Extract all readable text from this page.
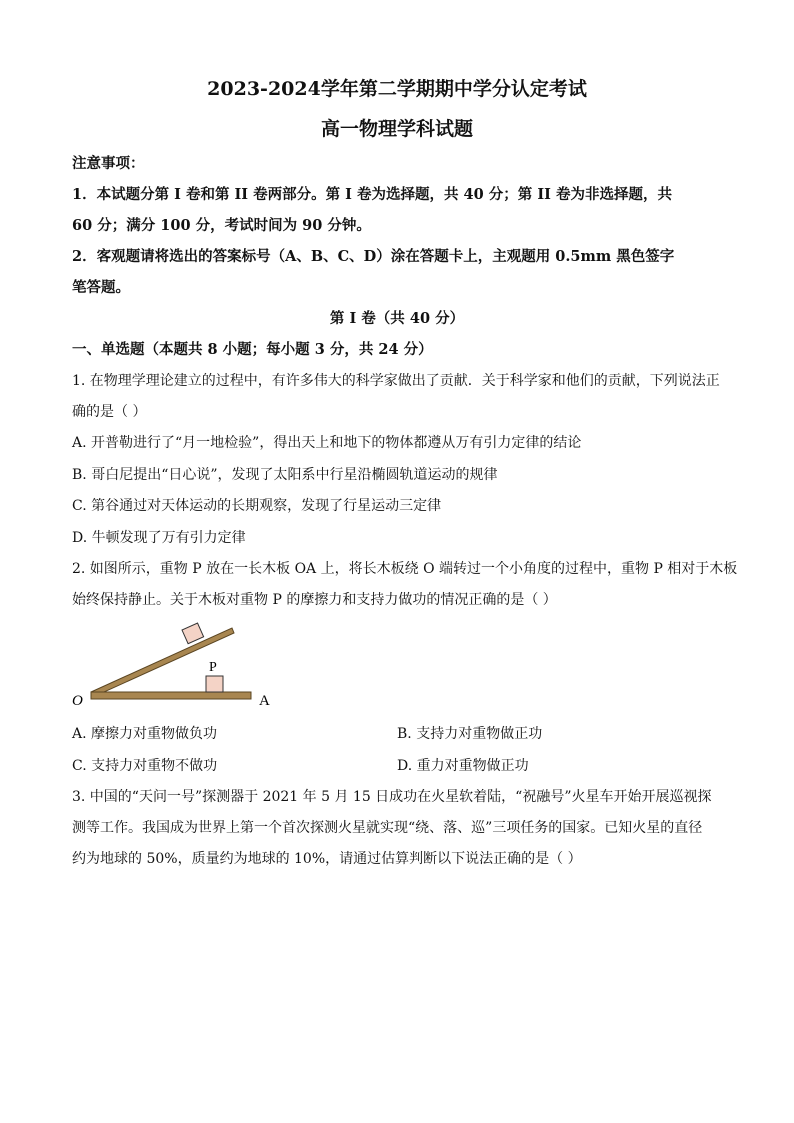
2023-2024学年第二学期期中学分认定考试
高一物理学科试题
注意事项：
1．本试题分第 I 卷和第 II 卷两部分。第 I 卷为选择题，共 40 分；第 II 卷为非选择题，共
60 分；满分 100 分，考试时间为 90 分钟。
2．客观题请将选出的答案标号（A、B、C、D）涂在答题卡上，主观题用 0.5mm 黑色签字
笔答题。
第 I 卷（共 40 分）
一、单选题（本题共 8 小题；每小题 3 分，共 24 分）
1. 在物理学理论建立的过程中，有许多伟大的科学家做出了贡献．关于科学家和他们的贡献，下列说法正
确的是（ ）
A. 开普勒进行了“月一地检验”，得出天上和地下的物体都遵从万有引力定律的结论
B. 哥白尼提出“日心说”，发现了太阳系中行星沿椭圆轨道运动的规律
C. 第谷通过对天体运动的长期观察，发现了行星运动三定律
D. 牛顿发现了万有引力定律
2. 如图所示，重物 P 放在一长木板 OA 上，将长木板绕 O 端转过一个小角度的过程中，重物 P 相对于木板
始终保持静止。关于木板对重物 P 的摩擦力和支持力做功的情况正确的是（ ）
P
O	A
A. 摩擦力对重物做负功	B. 支持力对重物做正功
C. 支持力对重物不做功	D. 重力对重物做正功
3. 中国的“天问一号”探测器于 2021 年 5 月 15 日成功在火星软着陆，“祝融号”火星车开始开展巡视探
测等工作。我国成为世界上第一个首次探测火星就实现“绕、落、巡”三项任务的国家。已知火星的直径
约为地球的 50%，质量约为地球的 10%，请通过估算判断以下说法正确的是（ ）
